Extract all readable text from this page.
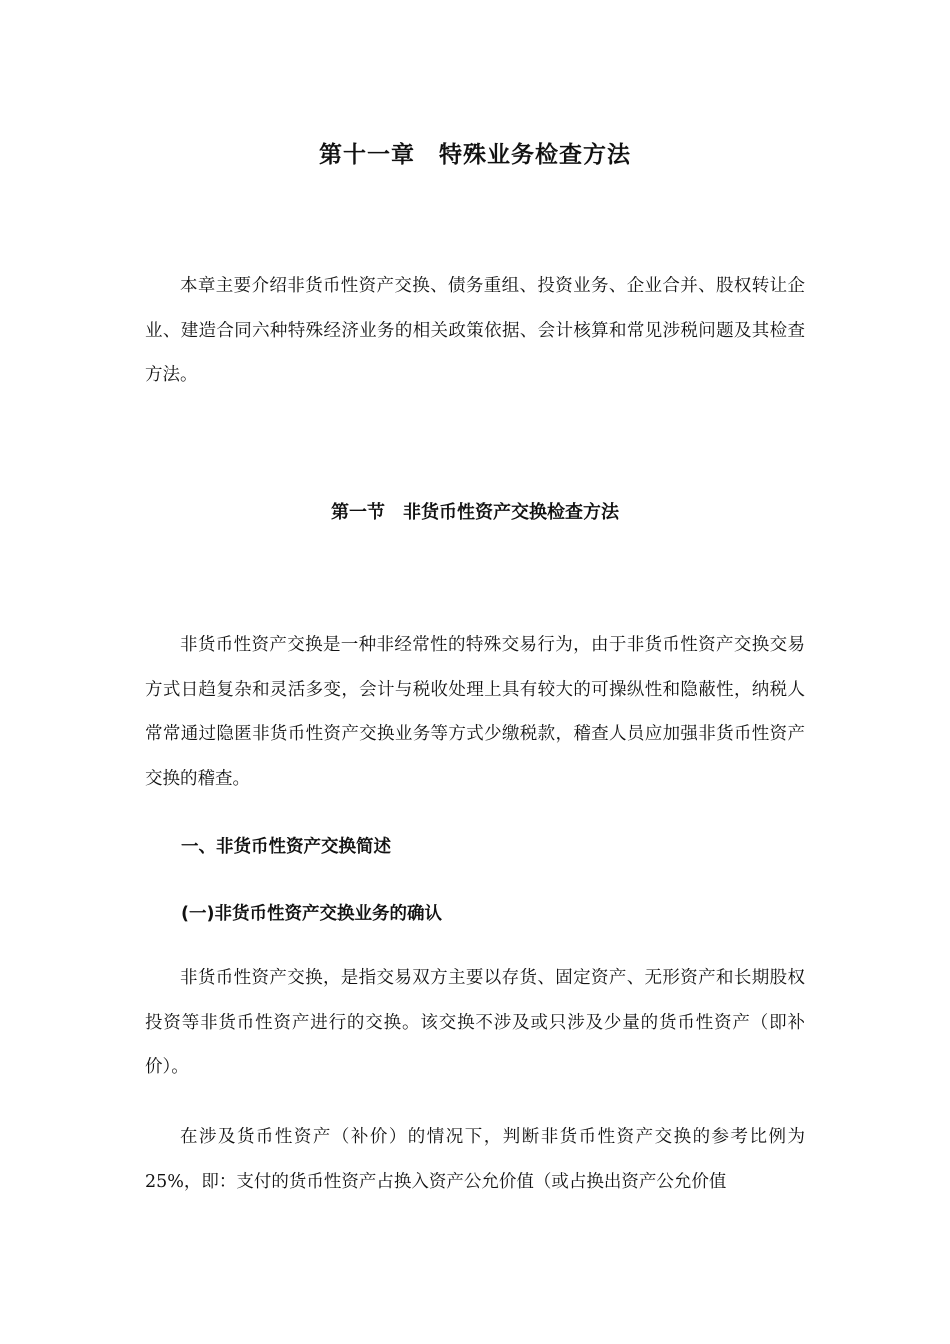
第十一章　特殊业务检查方法

本章主要介绍非货币性资产交换、债务重组、投资业务、企业合并、股权转让企业、建造合同六种特殊经济业务的相关政策依据、会计核算和常见涉税问题及其检查方法。

第一节　非货币性资产交换检查方法

非货币性资产交换是一种非经常性的特殊交易行为，由于非货币性资产交换交易方式日趋复杂和灵活多变，会计与税收处理上具有较大的可操纵性和隐蔽性，纳税人常常通过隐匿非货币性资产交换业务等方式少缴税款，稽查人员应加强非货币性资产交换的稽查。

一、非货币性资产交换简述
(一)非货币性资产交换业务的确认

非货币性资产交换，是指交易双方主要以存货、固定资产、无形资产和长期股权投资等非货币性资产进行的交换。该交换不涉及或只涉及少量的货币性资产（即补价）。

在涉及货币性资产（补价）的情况下，判断非货币性资产交换的参考比例为25%，即：支付的货币性资产占换入资产公允价值（或占换出资产公允价值
